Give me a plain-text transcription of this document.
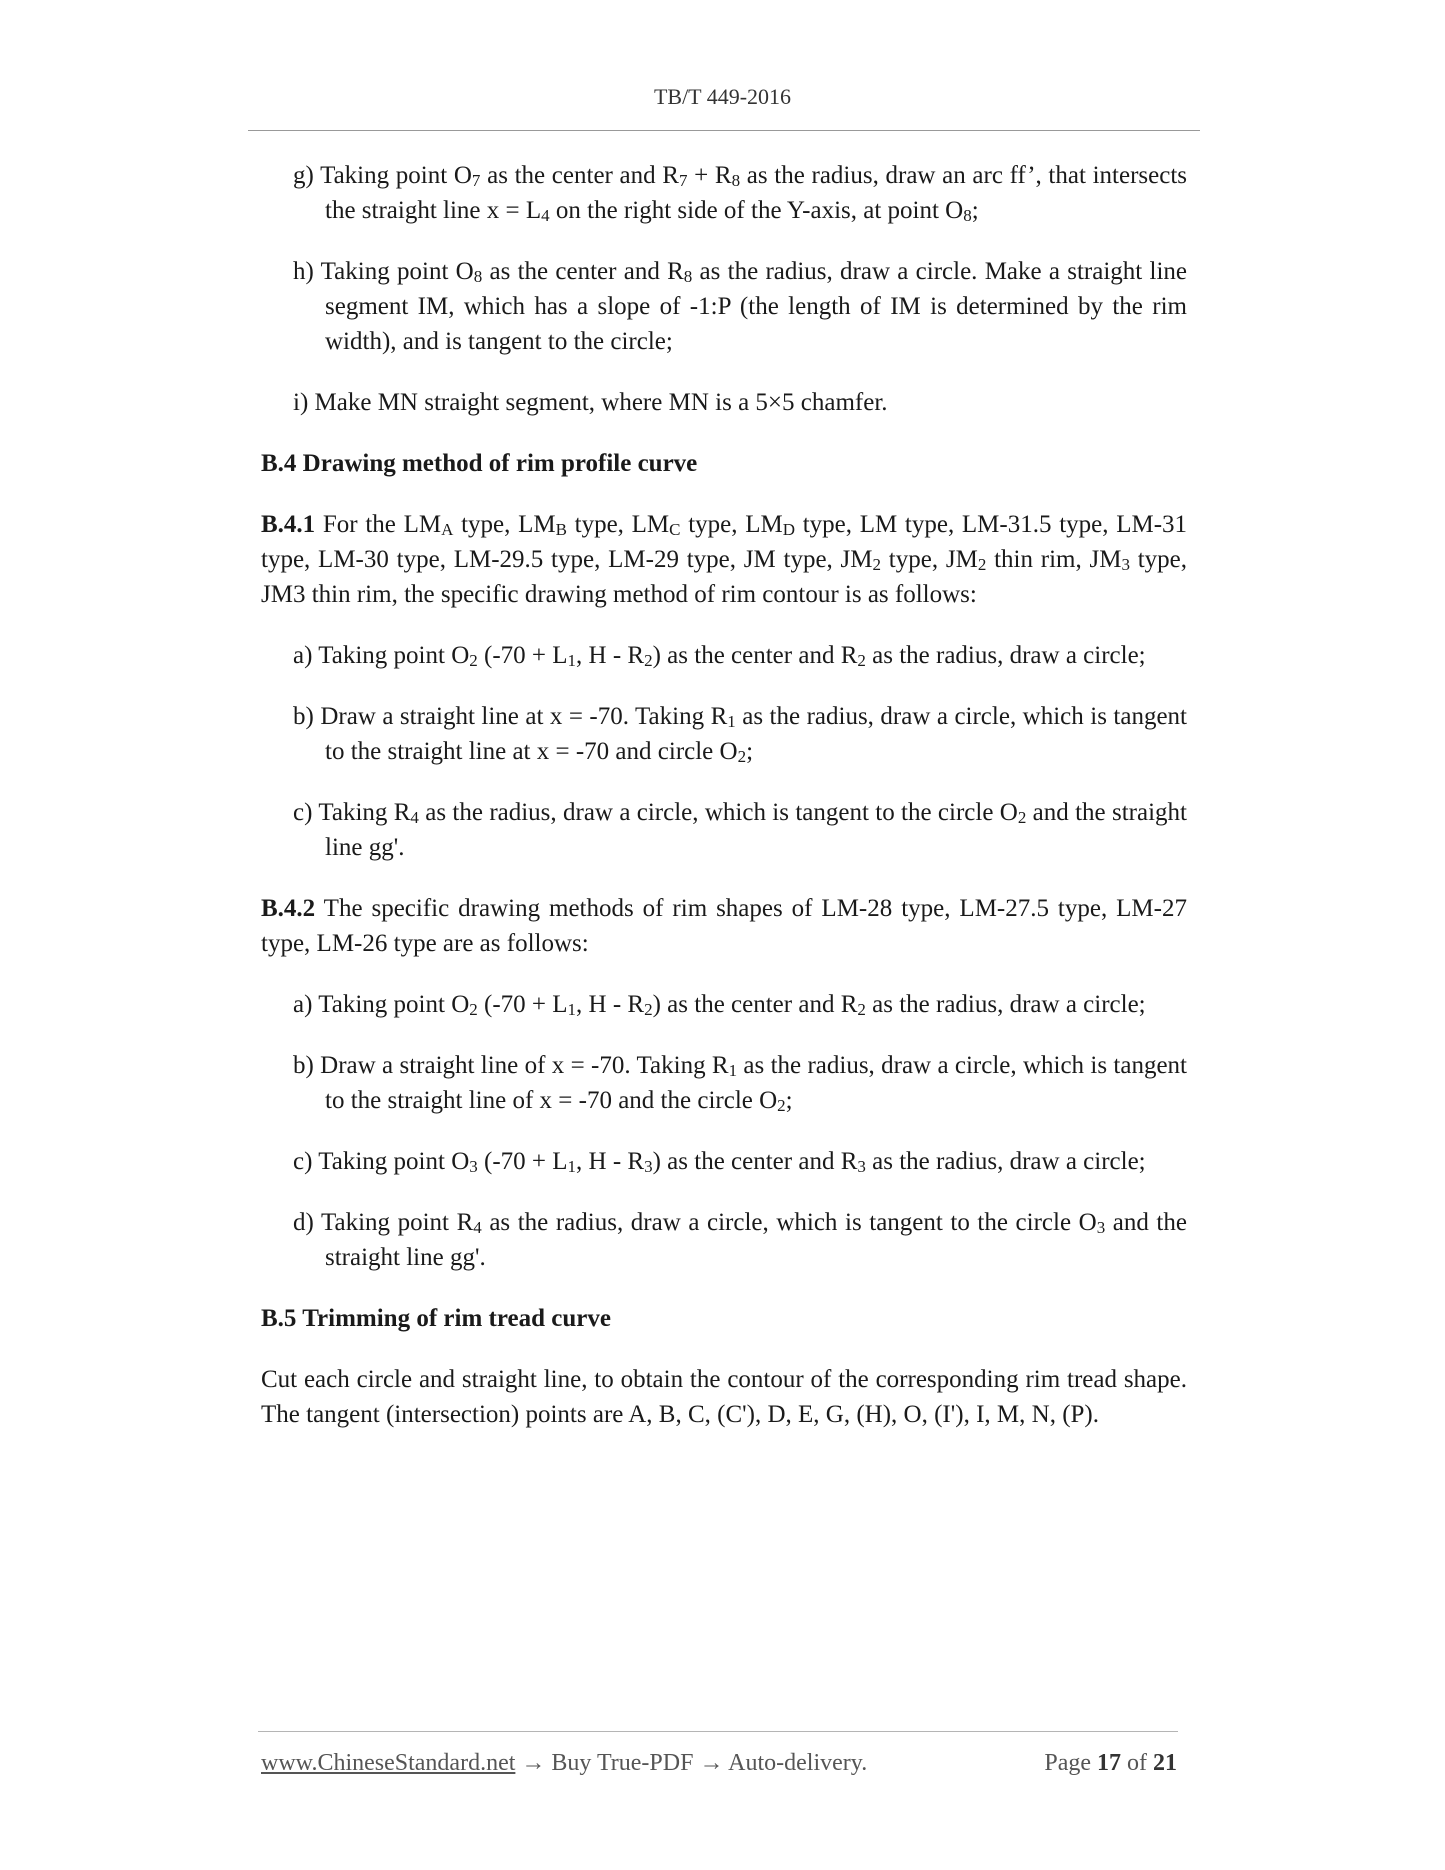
TB/T 449-2016

g) Taking point $O_7$ as the center and $R_7 + R_8$ as the radius, draw an arc ff’, that intersects the straight line $x = L_4$ on the right side of the Y-axis, at point $O_8$;

h) Taking point $O_8$ as the center and $R_8$ as the radius, draw a circle. Make a straight line segment IM, which has a slope of -1:P (the length of IM is determined by the rim width), and is tangent to the circle;

i) Make MN straight segment, where MN is a 5×5 chamfer.

B.4 Drawing method of rim profile curve

B.4.1 For the $LM_A$ type, $LM_B$ type, $LM_C$ type, $LM_D$ type, LM type, LM-31.5 type, LM-31 type, LM-30 type, LM-29.5 type, LM-29 type, JM type, $JM_2$ type, $JM_2$ thin rim, $JM_3$ type, JM3 thin rim, the specific drawing method of rim contour is as follows:

a) Taking point $O_2$ ($-70 + L_1$, H - $R_2$) as the center and $R_2$ as the radius, draw a circle;

b) Draw a straight line at x = -70. Taking $R_1$ as the radius, draw a circle, which is tangent to the straight line at x = -70 and circle $O_2$;

c) Taking $R_4$ as the radius, draw a circle, which is tangent to the circle $O_2$ and the straight line gg'.

B.4.2 The specific drawing methods of rim shapes of LM-28 type, LM-27.5 type, LM-27 type, LM-26 type are as follows:

a) Taking point $O_2$ ($-70 + L_1$, H - $R_2$) as the center and $R_2$ as the radius, draw a circle;

b) Draw a straight line of x = -70. Taking $R_1$ as the radius, draw a circle, which is tangent to the straight line of x = -70 and the circle $O_2$;

c) Taking point $O_3$ ($-70 + L_1$, H - $R_3$) as the center and $R_3$ as the radius, draw a circle;

d) Taking point $R_4$ as the radius, draw a circle, which is tangent to the circle $O_3$ and the straight line gg'.

B.5 Trimming of rim tread curve

Cut each circle and straight line, to obtain the contour of the corresponding rim tread shape. The tangent (intersection) points are A, B, C, (C'), D, E, G, (H), O, (I'), I, M, N, (P).

www.ChineseStandard.net → Buy True-PDF → Auto-delivery.	Page 17 of 21
